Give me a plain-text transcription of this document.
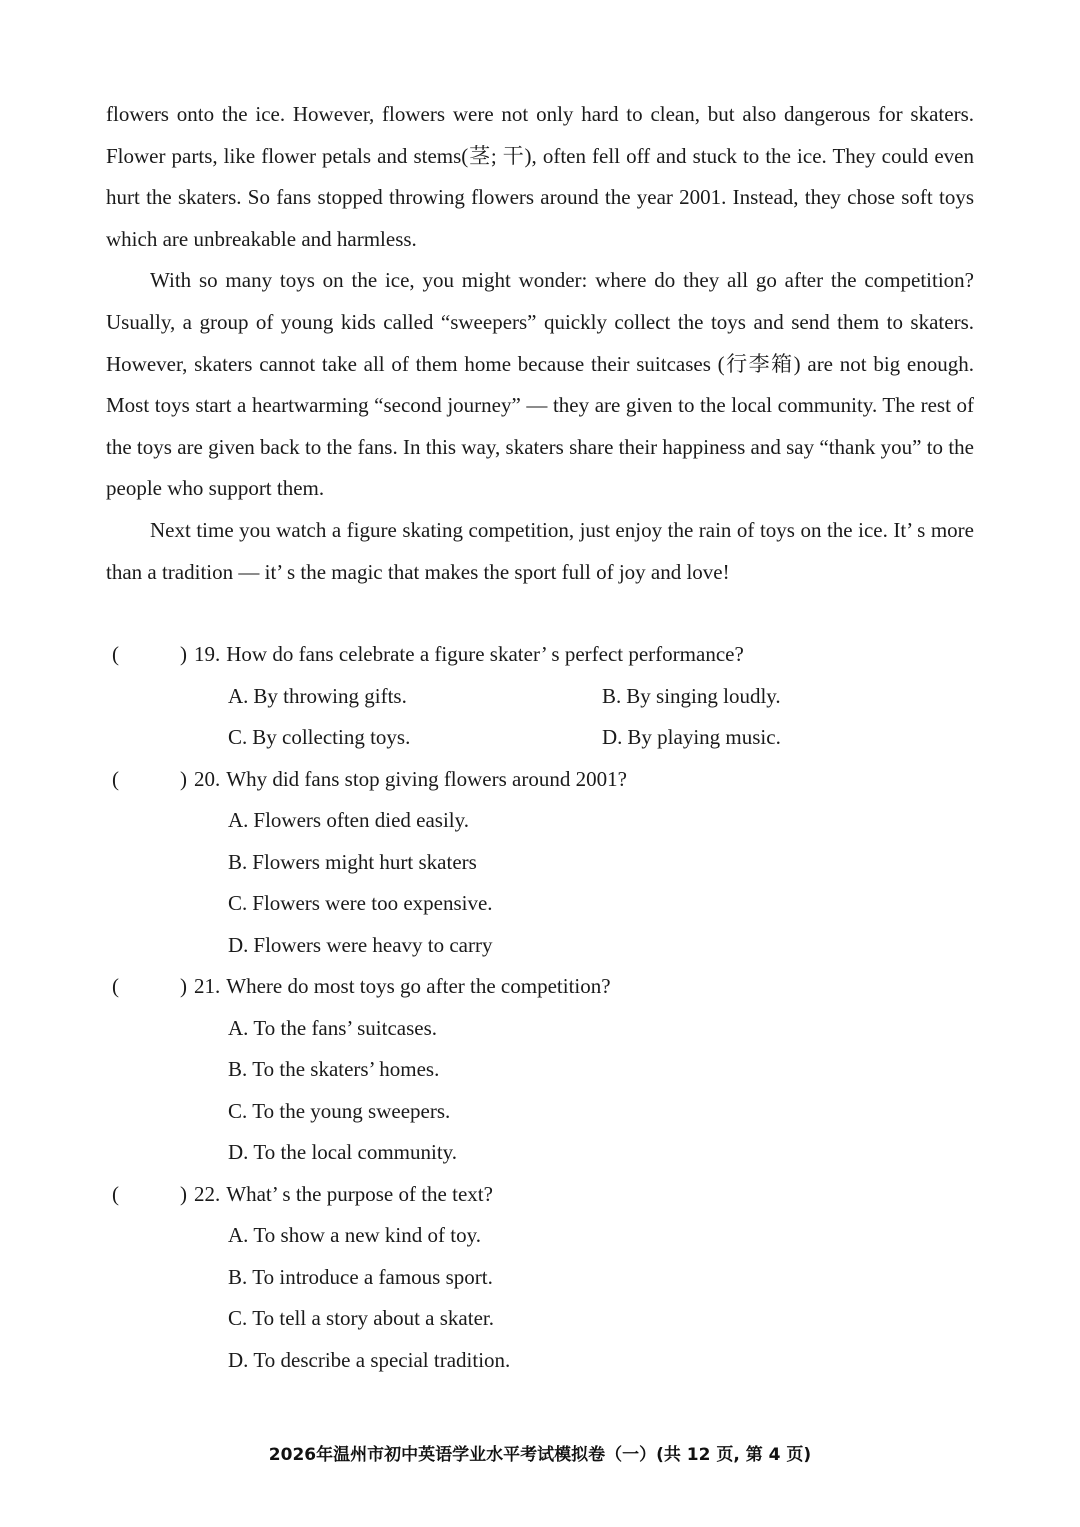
flowers onto the ice. However, flowers were not only hard to clean, but also dangerous for skaters. Flower parts, like flower petals and stems(茎; 干), often fell off and stuck to the ice. They could even hurt the skaters. So fans stopped throwing flowers around the year 2001. Instead, they chose soft toys which are unbreakable and harmless.

With so many toys on the ice, you might wonder: where do they all go after the competition? Usually, a group of young kids called “sweepers” quickly collect the toys and send them to skaters. However, skaters cannot take all of them home because their suitcases (行李箱) are not big enough. Most toys start a heartwarming “second journey” — they are given to the local community. The rest of the toys are given back to the fans. In this way, skaters share their happiness and say “thank you” to the people who support them.

Next time you watch a figure skating competition, just enjoy the rain of toys on the ice. It’ s more than a tradition — it’ s the magic that makes the sport full of joy and love!

(	) 19. How do fans celebrate a figure skater’ s perfect performance?
A. By throwing gifts.	B. By singing loudly.
C. By collecting toys.	D. By playing music.
(	) 20. Why did fans stop giving flowers around 2001?
A. Flowers often died easily.
B. Flowers might hurt skaters
C. Flowers were too expensive.
D. Flowers were heavy to carry
(	) 21. Where do most toys go after the competition?
A. To the fans’ suitcases.
B. To the skaters’ homes.
C. To the young sweepers.
D. To the local community.
(	) 22. What’ s the purpose of the text?
A. To show a new kind of toy.
B. To introduce a famous sport.
C. To tell a story about a skater.
D. To describe a special tradition.
2026年温州市初中英语学业水平考试模拟卷（一）(共 12 页, 第 4 页)
